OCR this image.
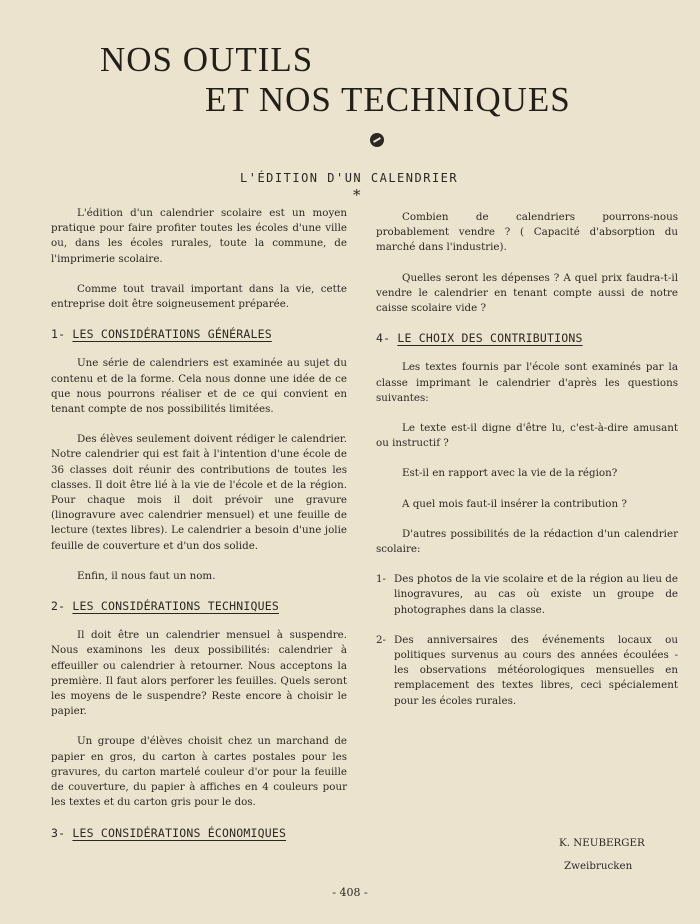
NOS OUTILS
ET NOS TECHNIQUES
L'ÉDITION D'UN CALENDRIER
*

L'édition d'un calendrier scolaire est un moyen pratique pour faire profiter toutes les écoles d'une ville ou, dans les écoles rurales, toute la commune, de l'imprimerie scolaire.

Comme tout travail important dans la vie, cette entreprise doit être soigneusement préparée.

1- LES CONSIDÉRATIONS GÉNÉRALES

Une série de calendriers est examinée au sujet du contenu et de la forme. Cela nous donne une idée de ce que nous pourrons réaliser et de ce qui convient en tenant compte de nos possibilités limitées.

Des élèves seulement doivent rédiger le calendrier. Notre calendrier qui est fait à l'intention d'une école de 36 classes doit réunir des contributions de toutes les classes. Il doit être lié à la vie de l'école et de la région. Pour chaque mois il doit prévoir une gravure (linogravure avec calendrier mensuel) et une feuille de lecture (textes libres). Le calendrier a besoin d'une jolie feuille de couverture et d'un dos solide.

Enfin, il nous faut un nom.

2- LES CONSIDÉRATIONS TECHNIQUES

Il doit être un calendrier mensuel à suspendre. Nous examinons les deux possibilités: calendrier à effeuiller ou calendrier à retourner. Nous acceptons la première. Il faut alors perforer les feuilles. Quels seront les moyens de le suspendre? Reste encore à choisir le papier.

Un groupe d'élèves choisit chez un marchand de papier en gros, du carton à cartes postales pour les gravures, du carton martelé couleur d'or pour la feuille de couverture, du papier à affiches en 4 couleurs pour les textes et du carton gris pour le dos.

3- LES CONSIDÉRATIONS ÉCONOMIQUES

Combien de calendriers pourrons-nous probablement vendre ? ( Capacité d'absorption du marché dans l'industrie).

Quelles seront les dépenses ? A quel prix faudra-t-il vendre le calendrier en tenant compte aussi de notre caisse scolaire vide ?

4- LE CHOIX DES CONTRIBUTIONS

Les textes fournis par l'école sont examinés par la classe imprimant le calendrier d'après les questions suivantes:

Le texte est-il digne d'être lu, c'est-à-dire amusant ou instructif ?

Est-il en rapport avec la vie de la région?

A quel mois faut-il insérer la contribution ?

D'autres possibilités de la rédaction d'un calendrier scolaire:

1- Des photos de la vie scolaire et de la région au lieu de linogravures, au cas où existe un groupe de photographes dans la classe.
2- Des anniversaires des événements locaux ou politiques survenus au cours des années écoulées - les observations météorologiques mensuelles en remplacement des textes libres, ceci spécialement pour les écoles rurales.
K. NEUBERGER
Zweibrucken
- 408 -
